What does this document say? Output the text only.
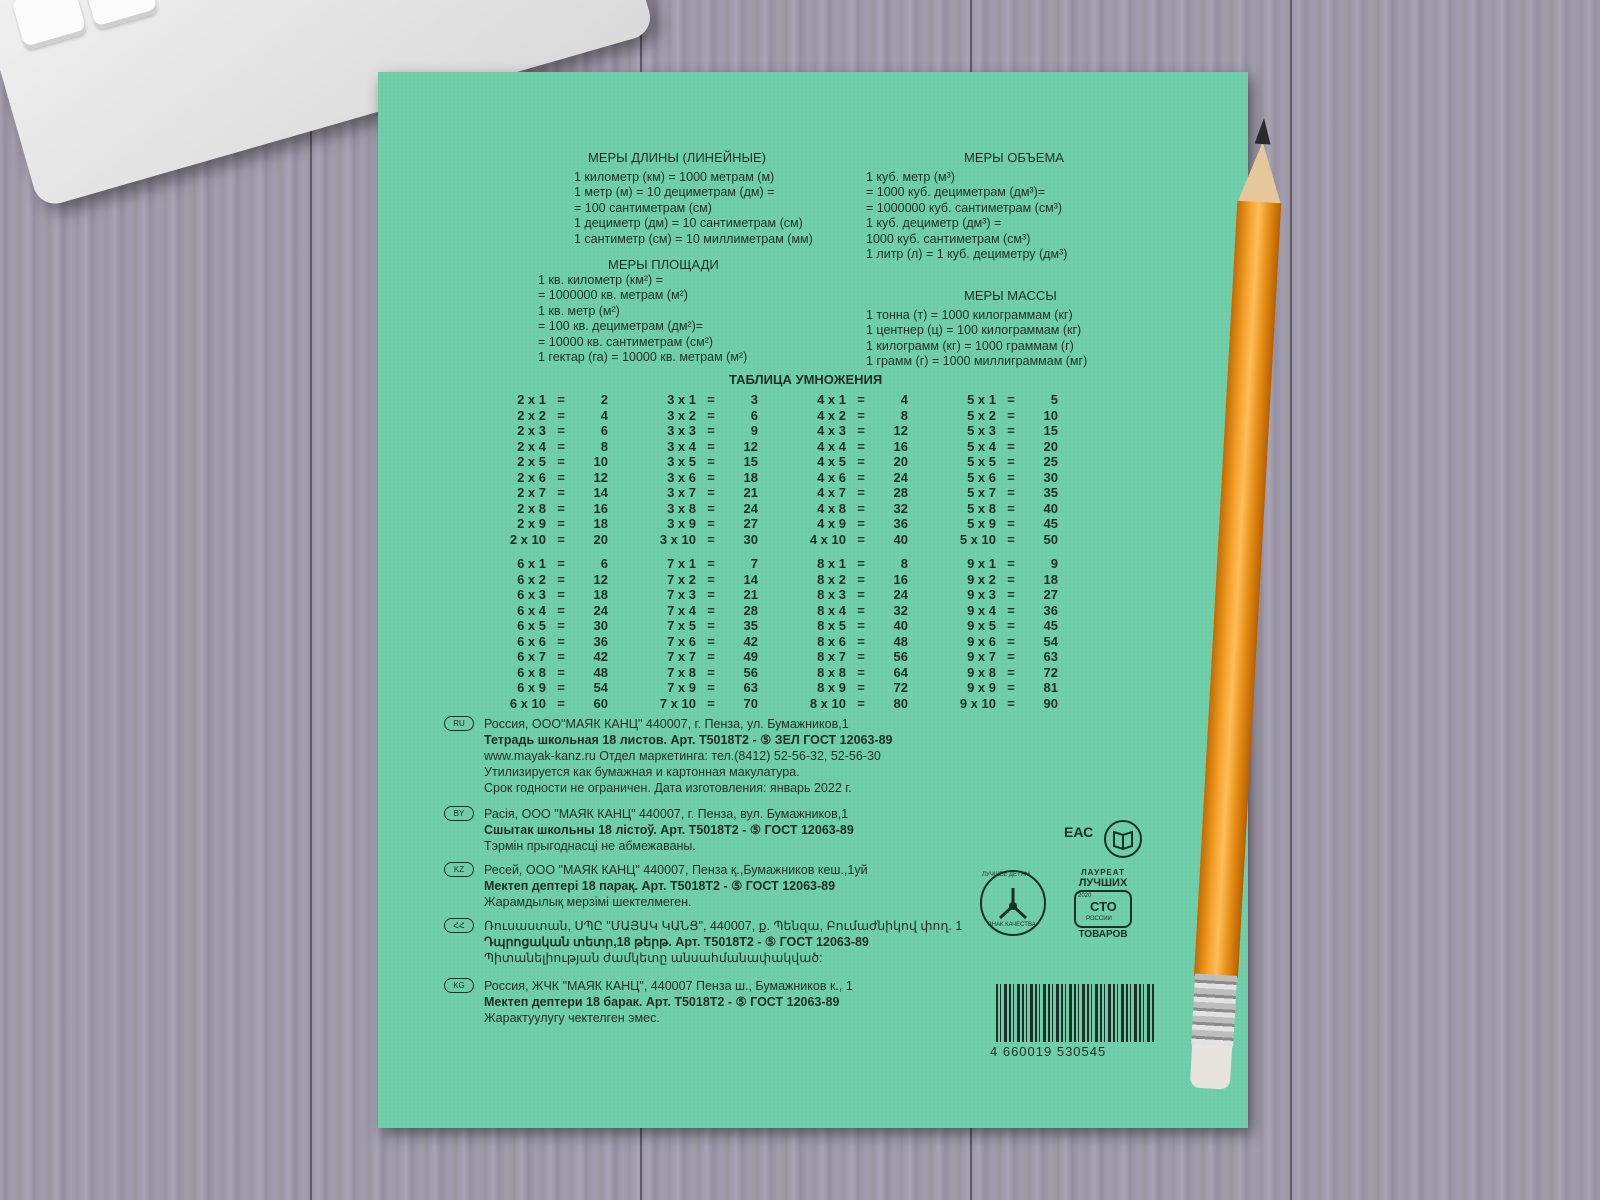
МЕРЫ ДЛИНЫ (ЛИНЕЙНЫЕ)
1 километр (км) = 1000 метрам (м)
1 метр (м) = 10 дециметрам (дм) =
= 100 сантиметрам (см)
1 дециметр (дм) = 10 сантиметрам (см)
1 сантиметр (см) = 10 миллиметрам (мм)
МЕРЫ ПЛОЩАДИ
1 кв. километр (км²) =
= 1000000 кв. метрам (м²)
1 кв. метр (м²)
= 100 кв. дециметрам (дм²)=
= 10000 кв. сантиметрам (см²)
1 гектар (га) = 10000 кв. метрам (м²)
МЕРЫ ОБЪЕМА
1 куб. метр (м³)
= 1000 куб. дециметрам (дм³)=
= 1000000 куб. сантиметрам (см³)
1 куб. дециметр (дм³) =
1000 куб. сантиметрам (см³)
1 литр (л) = 1 куб. дециметру (дм³)
МЕРЫ МАССЫ
1 тонна (т) = 1000 килограммам (кг)
1 центнер (ц) = 100 килограммам (кг)
1 килограмм (кг) = 1000 граммам (г)
1 грамм (г) = 1000 миллиграммам (мг)
ТАБЛИЦА УМНОЖЕНИЯ
2 x 1 =	2
2 x 2 =	4
2 x 3 =	6
2 x 4 =	8
2 x 5 =	10
2 x 6 =	12
2 x 7 =	14
2 x 8 =	16
2 x 9 =	18
2 x 10 =	20
3 x 1 =	3
3 x 2 =	6
3 x 3 =	9
3 x 4 =	12
3 x 5 =	15
3 x 6 =	18
3 x 7 =	21
3 x 8 =	24
3 x 9 =	27
3 x 10 =	30
4 x 1 =	4
4 x 2 =	8
4 x 3 =	12
4 x 4 =	16
4 x 5 =	20
4 x 6 =	24
4 x 7 =	28
4 x 8 =	32
4 x 9 =	36
4 x 10 =	40
5 x 1 =	5
5 x 2 =	10
5 x 3 =	15
5 x 4 =	20
5 x 5 =	25
5 x 6 =	30
5 x 7 =	35
5 x 8 =	40
5 x 9 =	45
5 x 10 =	50
6 x 1 =	6
6 x 2 =	12
6 x 3 =	18
6 x 4 =	24
6 x 5 =	30
6 x 6 =	36
6 x 7 =	42
6 x 8 =	48
6 x 9 =	54
6 x 10 =	60
7 x 1 =	7
7 x 2 =	14
7 x 3 =	21
7 x 4 =	28
7 x 5 =	35
7 x 6 =	42
7 x 7 =	49
7 x 8 =	56
7 x 9 =	63
7 x 10 =	70
8 x 1 =	8
8 x 2 =	16
8 x 3 =	24
8 x 4 =	32
8 x 5 =	40
8 x 6 =	48
8 x 7 =	56
8 x 8 =	64
8 x 9 =	72
8 x 10 =	80
9 x 1 =	9
9 x 2 =	18
9 x 3 =	27
9 x 4 =	36
9 x 5 =	45
9 x 6 =	54
9 x 7 =	63
9 x 8 =	72
9 x 9 =	81
9 x 10 =	90
RU	Россия, ООО"МАЯК КАНЦ" 440007, г. Пенза, ул. Бумажников,1
Тетрадь школьная 18 листов. Арт. Т5018Т2 - ⑤ ЗЕЛ ГОСТ 12063-89
www.mayak-kanz.ru Отдел маркетинга: тел.(8412) 52-56-32, 52-56-30
Утилизируется как бумажная и картонная макулатура.
Срок годности не ограничен. Дата изготовления: январь 2022 г.
BY	Расія, ООО "МАЯК КАНЦ" 440007, г. Пенза, вул. Бумажников,1
Сшытак школьны 18 лістоў. Арт. Т5018Т2 - ⑤ ГОСТ 12063-89
Тэрмін прыгоднасці не абмежаваны.
KZ	Ресей, ООО "МАЯК КАНЦ" 440007, Пенза қ.,Бумажников кеш.,1уй
Мектеп дептері 18 парақ. Арт. Т5018Т2 - ⑤ ГОСТ 12063-89
Жарамдылық мерзімі шектелмеген.
ՀՀ	Ռուսաստան, ՍՊԸ "ՄԱՅԱԿ ԿԱՆՑ", 440007, ք. Պենզա, Բումաժնիկով փող. 1
Դպրոցական տետր,18 թերթ. Арт. Т5018Т2 - ⑤ ГОСТ 12063-89
Պիտանելիության ժամկետը անսահմանափակված:
KG	Россия, ЖЧК "МАЯК КАНЦ", 440007 Пенза ш., Бумажников к., 1
Мектеп дептери 18 барак. Арт. Т5018Т2 - ⑤ ГОСТ 12063-89
Жарактуулугу чектелген эмес.
ЕАС
ЛУЧШЕЕ ДЕТЯМ
ЗНАК КАЧЕСТВА
ЛАУРЕАТ
ЛУЧШИХ
2020
СТО
РОССИИ
ТОВАРОВ
4 660019 530545
